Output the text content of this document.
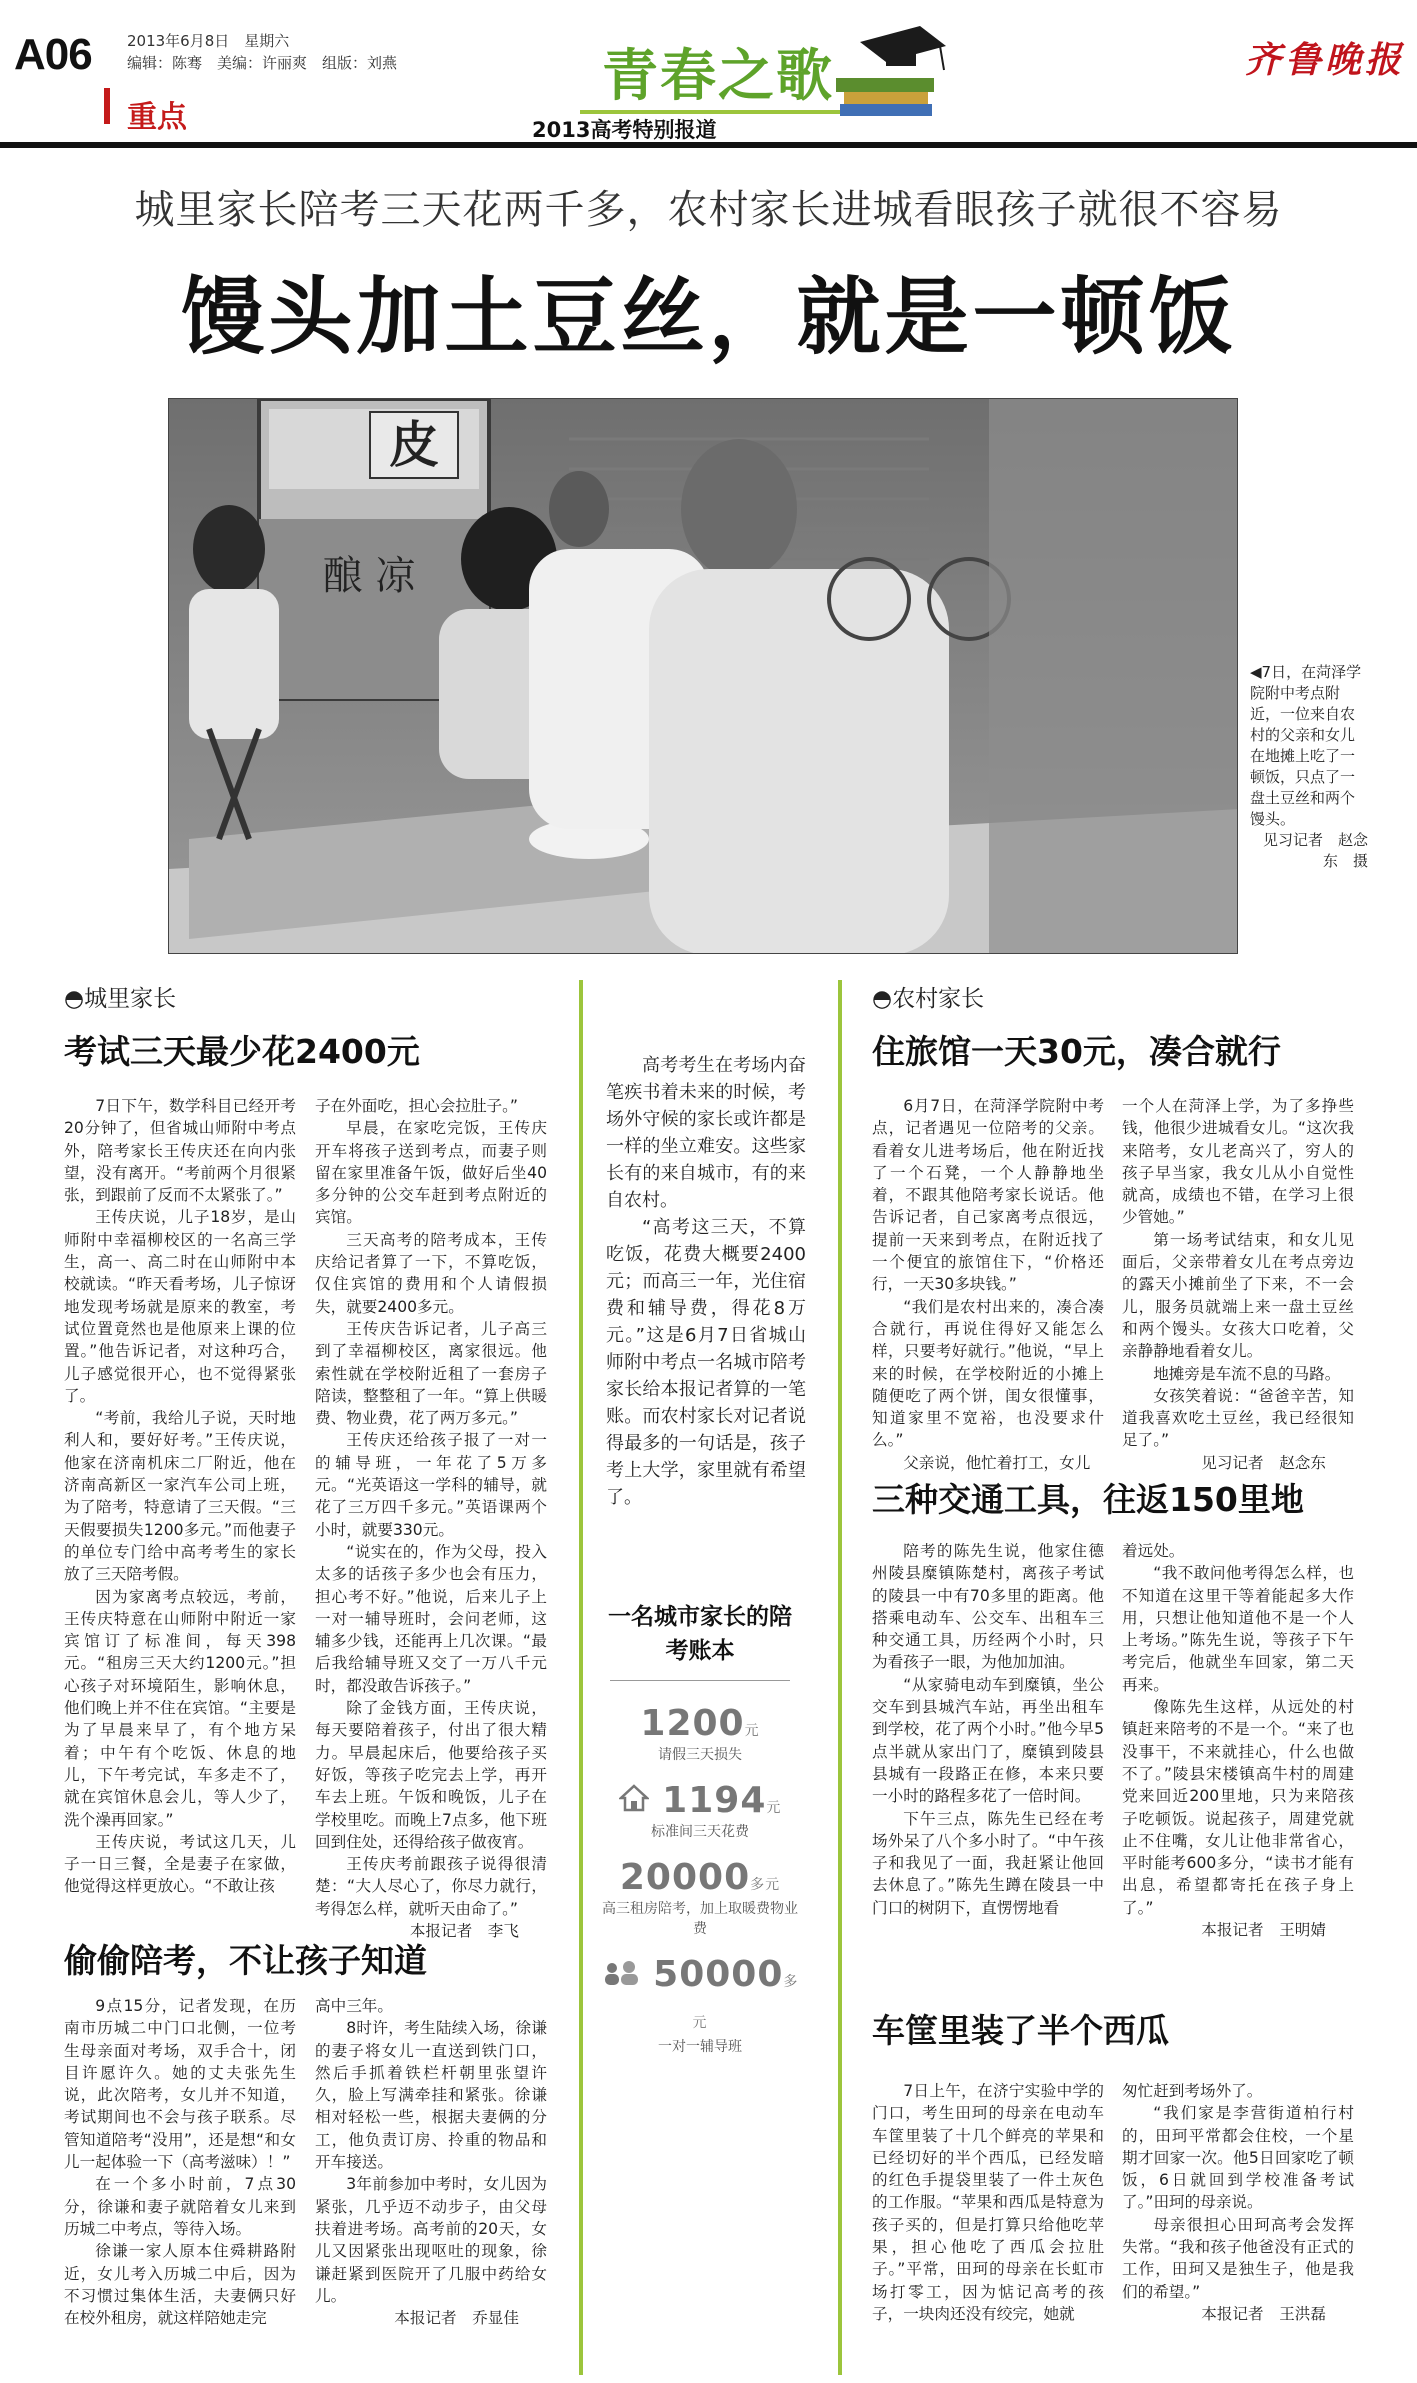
A06 2013年6月8日　星期六
编辑：陈骞　美编：许丽爽　组版：刘燕
重点
青春之歌
2013高考特别报道
齐鲁晚报
城里家长陪考三天花两千多，农村家长进城看眼孩子就很不容易
馒头加土豆丝，就是一顿饭
酿 凉
皮
◀7日，在菏泽学院附中考点附近，一位来自农村的父亲和女儿在地摊上吃了一顿饭，只点了一盘土豆丝和两个馒头。
见习记者　赵念东　摄
◓城里家长
考试三天最少花2400元

7日下午，数学科目已经开考20分钟了，但省城山师附中考点外，陪考家长王传庆还在向内张望，没有离开。“考前两个月很紧张，到跟前了反而不太紧张了。”

王传庆说，儿子18岁，是山师附中幸福柳校区的一名高三学生，高一、高二时在山师附中本校就读。“昨天看考场，儿子惊讶地发现考场就是原来的教室，考试位置竟然也是他原来上课的位置。”他告诉记者，对这种巧合，儿子感觉很开心，也不觉得紧张了。

“考前，我给儿子说，天时地利人和，要好好考。”王传庆说，他家在济南机床二厂附近，他在济南高新区一家汽车公司上班，为了陪考，特意请了三天假。“三天假要损失1200多元。”而他妻子的单位专门给中高考考生的家长放了三天陪考假。

因为家离考点较远，考前，王传庆特意在山师附中附近一家宾馆订了标准间，每天398元。“租房三天大约1200元。”担心孩子对环境陌生，影响休息，他们晚上并不住在宾馆。“主要是为了早晨来早了，有个地方呆着；中午有个吃饭、休息的地儿，下午考完试，车多走不了，就在宾馆休息会儿，等人少了，洗个澡再回家。”

王传庆说，考试这几天，儿子一日三餐，全是妻子在家做，他觉得这样更放心。“不敢让孩

子在外面吃，担心会拉肚子。”

早晨，在家吃完饭，王传庆开车将孩子送到考点，而妻子则留在家里准备午饭，做好后坐40多分钟的公交车赶到考点附近的宾馆。

三天高考的陪考成本，王传庆给记者算了一下，不算吃饭，仅住宾馆的费用和个人请假损失，就要2400多元。

王传庆告诉记者，儿子高三到了幸福柳校区，离家很远。他索性就在学校附近租了一套房子陪读，整整租了一年。“算上供暖费、物业费，花了两万多元。”

王传庆还给孩子报了一对一的辅导班，一年花了5万多元。“光英语这一学科的辅导，就花了三万四千多元。”英语课两个小时，就要330元。

“说实在的，作为父母，投入太多的话孩子多少也会有压力，担心考不好。”他说，后来儿子上一对一辅导班时，会问老师，这辅多少钱，还能再上几次课。“最后我给辅导班又交了一万八千元时，都没敢告诉孩子。”

除了金钱方面，王传庆说，每天要陪着孩子，付出了很大精力。早晨起床后，他要给孩子买好饭，等孩子吃完去上学，再开车去上班。午饭和晚饭，儿子在学校里吃。而晚上7点多，他下班回到住处，还得给孩子做夜宵。

王传庆考前跟孩子说得很清楚：“大人尽心了，你尽力就行，考得怎么样，就听天由命了。”

本报记者　李飞
偷偷陪考，不让孩子知道

9点15分，记者发现，在历南市历城二中门口北侧，一位考生母亲面对考场，双手合十，闭目许愿许久。她的丈夫张先生说，此次陪考，女儿并不知道，考试期间也不会与孩子联系。尽管知道陪考“没用”，还是想“和女儿一起体验一下（高考滋味）！”

在一个多小时前，7点30分，徐谦和妻子就陪着女儿来到历城二中考点，等待入场。

徐谦一家人原本住舜耕路附近，女儿考入历城二中后，因为不习惯过集体生活，夫妻俩只好在校外租房，就这样陪她走完

高中三年。

8时许，考生陆续入场，徐谦的妻子将女儿一直送到铁门口，然后手抓着铁栏杆朝里张望许久，脸上写满牵挂和紧张。徐谦相对轻松一些，根据夫妻俩的分工，他负责订房、拎重的物品和开车接送。

3年前参加中考时，女儿因为紧张，几乎迈不动步子，由父母扶着进考场。高考前的20天，女儿又因紧张出现呕吐的现象，徐谦赶紧到医院开了几服中药给女儿。

本报记者　乔显佳

高考考生在考场内奋笔疾书着未来的时候，考场外守候的家长或许都是一样的坐立难安。这些家长有的来自城市，有的来自农村。

“高考这三天，不算吃饭，花费大概要2400元；而高三一年，光住宿费和辅导费，得花8万元。”这是6月7日省城山师附中考点一名城市陪考家长给本报记者算的一笔账。而农村家长对记者说得最多的一句话是，孩子考上大学，家里就有希望了。

一名城市家长的陪考账本
1200元
请假三天损失
1194元
标准间三天花费
20000多元
高三租房陪考，加上取暖费物业费
50000多元
一对一辅导班
◓农村家长
住旅馆一天30元，凑合就行

6月7日，在菏泽学院附中考点，记者遇见一位陪考的父亲。看着女儿进考场后，他在附近找了一个石凳，一个人静静地坐着，不跟其他陪考家长说话。他告诉记者，自己家离考点很远，提前一天来到考点，在附近找了一个便宜的旅馆住下，“价格还行，一天30多块钱。”

“我们是农村出来的，凑合凑合就行，再说住得好又能怎么样，只要考好就行。”他说，“早上来的时候，在学校附近的小摊上随便吃了两个饼，闺女很懂事，知道家里不宽裕，也没要求什么。”

父亲说，他忙着打工，女儿

一个人在菏泽上学，为了多挣些钱，他很少进城看女儿。“这次我来陪考，女儿老高兴了，穷人的孩子早当家，我女儿从小自觉性就高，成绩也不错，在学习上很少管她。”

第一场考试结束，和女儿见面后，父亲带着女儿在考点旁边的露天小摊前坐了下来，不一会儿，服务员就端上来一盘土豆丝和两个馒头。女孩大口吃着，父亲静静地看着女儿。

地摊旁是车流不息的马路。

女孩笑着说：“爸爸辛苦，知道我喜欢吃土豆丝，我已经很知足了。”

见习记者　赵念东
三种交通工具，往返150里地

陪考的陈先生说，他家住德州陵县糜镇陈楚村，离孩子考试的陵县一中有70多里的距离。他搭乘电动车、公交车、出租车三种交通工具，历经两个小时，只为看孩子一眼，为他加加油。

“从家骑电动车到糜镇，坐公交车到县城汽车站，再坐出租车到学校，花了两个小时。”他今早5点半就从家出门了，糜镇到陵县县城有一段路正在修，本来只要一小时的路程多花了一倍时间。

下午三点，陈先生已经在考场外呆了八个多小时了。“中午孩子和我见了一面，我赶紧让他回去休息了。”陈先生蹲在陵县一中门口的树阴下，直愣愣地看

着远处。

“我不敢问他考得怎么样，也不知道在这里干等着能起多大作用，只想让他知道他不是一个人上考场。”陈先生说，等孩子下午考完后，他就坐车回家，第二天再来。

像陈先生这样，从远处的村镇赶来陪考的不是一个。“来了也没事干，不来就挂心，什么也做不了。”陵县宋楼镇高牛村的周建党来回近200里地，只为来陪孩子吃顿饭。说起孩子，周建党就止不住嘴，女儿让他非常省心，平时能考600多分，“读书才能有出息，希望都寄托在孩子身上了。”

本报记者　王明婧
车筐里装了半个西瓜

7日上午，在济宁实验中学的门口，考生田珂的母亲在电动车车筐里装了十几个鲜亮的苹果和已经切好的半个西瓜，已经发暗的红色手提袋里装了一件土灰色的工作服。“苹果和西瓜是特意为孩子买的，但是打算只给他吃苹果，担心他吃了西瓜会拉肚子。”平常，田珂的母亲在长虹市场打零工，因为惦记高考的孩子，一块肉还没有绞完，她就

匆忙赶到考场外了。

“我们家是李营街道柏行村的，田珂平常都会住校，一个星期才回家一次。他5日回家吃了顿饭，6日就回到学校准备考试了。”田珂的母亲说。

母亲很担心田珂高考会发挥失常。“我和孩子他爸没有正式的工作，田珂又是独生子，他是我们的希望。”

本报记者　王洪磊
